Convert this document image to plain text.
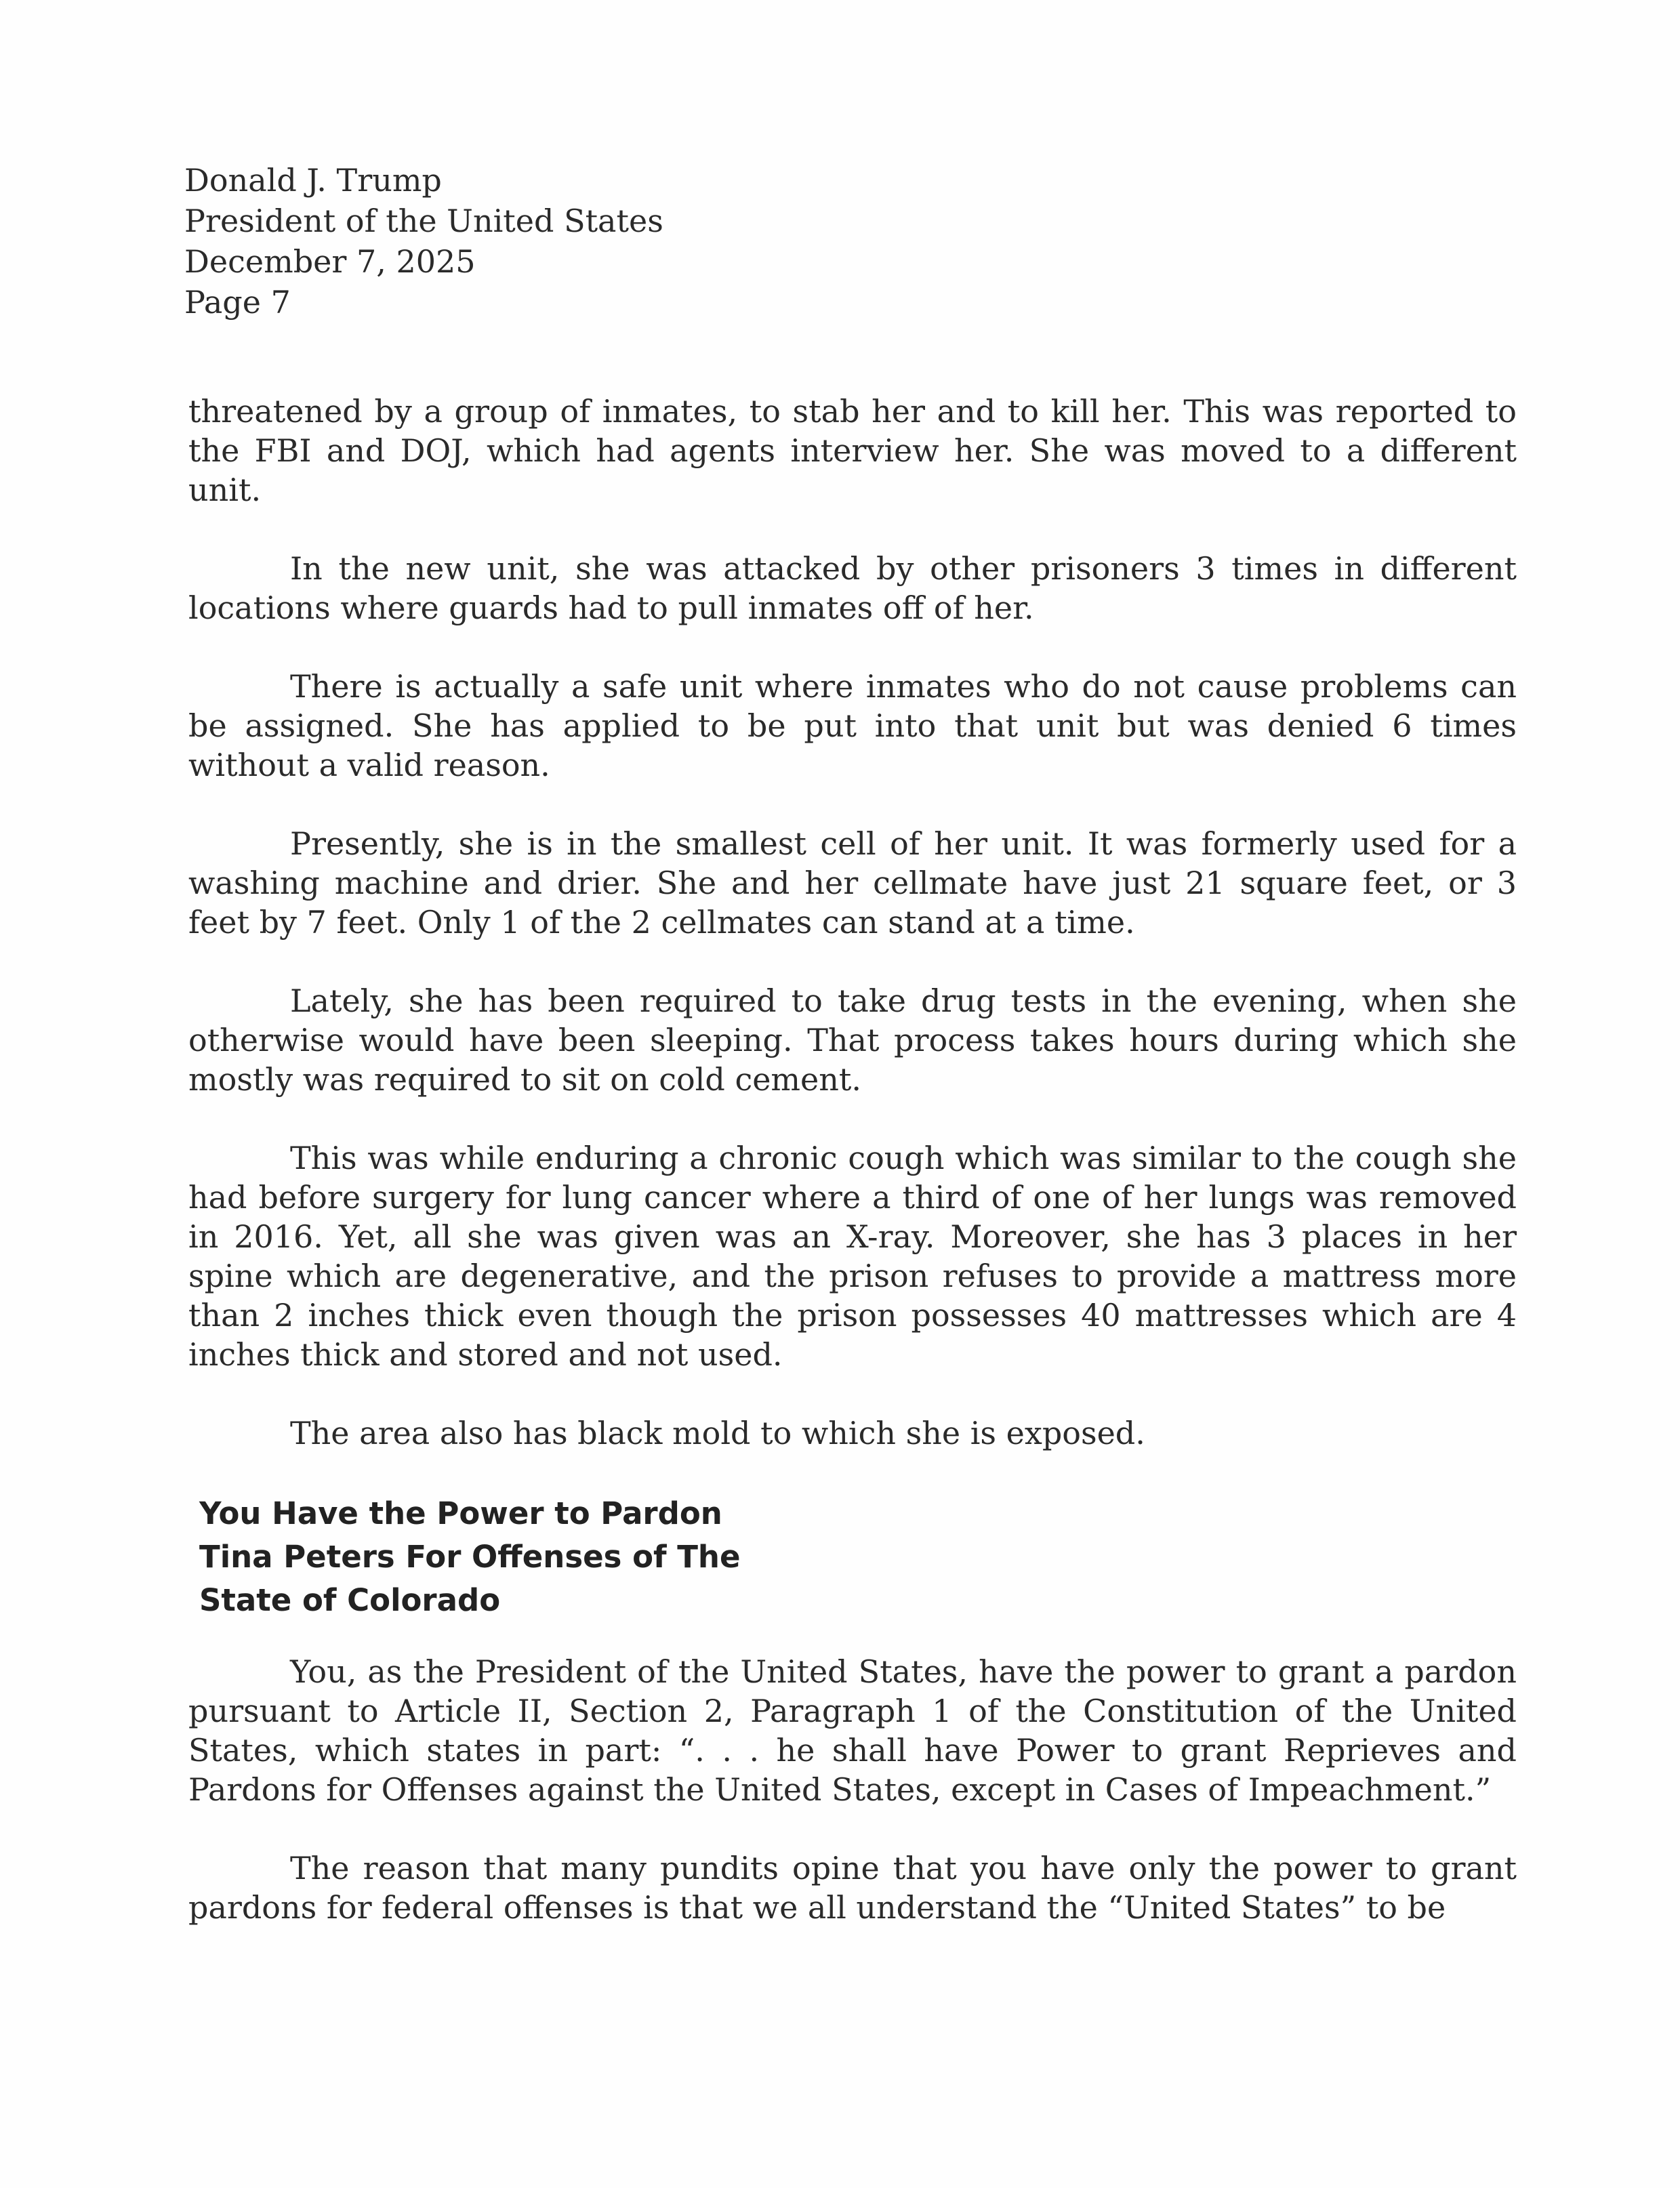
Donald J. Trump
President of the United States
December 7, 2025
Page 7

threatened by a group of inmates, to stab her and to kill her. This was reported to the FBI and DOJ, which had agents interview her. She was moved to a different unit.

In the new unit, she was attacked by other prisoners 3 times in different locations where guards had to pull inmates off of her.

There is actually a safe unit where inmates who do not cause problems can be assigned. She has applied to be put into that unit but was denied 6 times without a valid reason.

Presently, she is in the smallest cell of her unit. It was formerly used for a washing machine and drier. She and her cellmate have just 21 square feet, or 3 feet by 7 feet. Only 1 of the 2 cellmates can stand at a time.

Lately, she has been required to take drug tests in the evening, when she otherwise would have been sleeping. That process takes hours during which she mostly was required to sit on cold cement.

This was while enduring a chronic cough which was similar to the cough she had before surgery for lung cancer where a third of one of her lungs was removed in 2016. Yet, all she was given was an X-ray. Moreover, she has 3 places in her spine which are degenerative, and the prison refuses to provide a mattress more than 2 inches thick even though the prison possesses 40 mattresses which are 4 inches thick and stored and not used.

The area also has black mold to which she is exposed.

You Have the Power to Pardon
Tina Peters For Offenses of The
State of Colorado

You, as the President of the United States, have the power to grant a pardon pursuant to Article II, Section 2, Paragraph 1 of the Constitution of the United States, which states in part: “. . . he shall have Power to grant Reprieves and Pardons for Offenses against the United States, except in Cases of Impeachment.”

The reason that many pundits opine that you have only the power to grant pardons for federal offenses is that we all understand the “United States” to be
